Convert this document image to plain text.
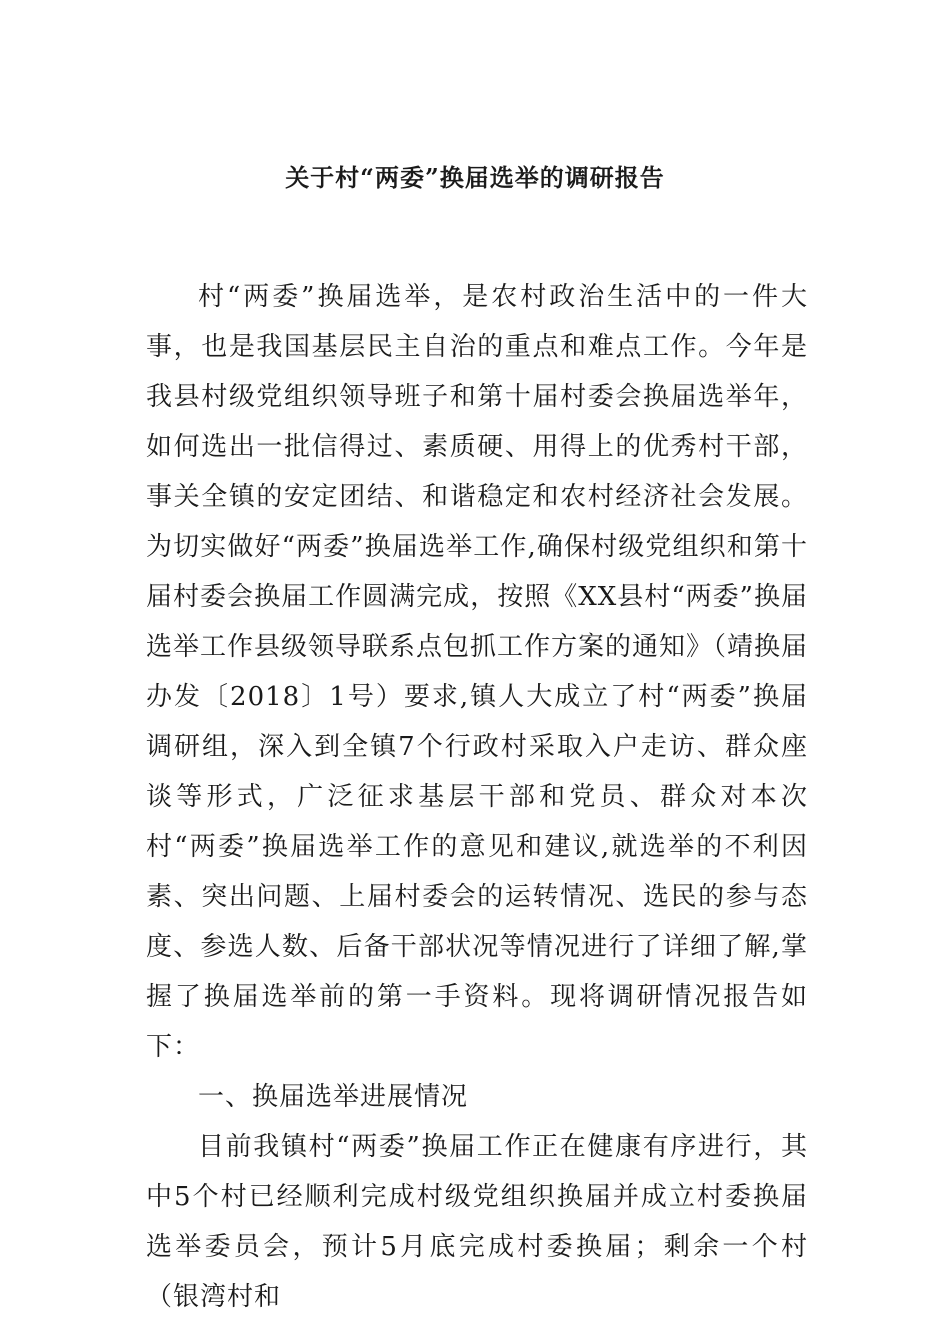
关于村“两委”换届选举的调研报告

村“两委”换届选举，是农村政治生活中的一件大事，也是我国基层民主自治的重点和难点工作。今年是我县村级党组织领导班子和第十届村委会换届选举年，如何选出一批信得过、素质硬、用得上的优秀村干部，事关全镇的安定团结、和谐稳定和农村经济社会发展。为切实做好“两委”换届选举工作,确保村级党组织和第十届村委会换届工作圆满完成，按照《XX县村“两委”换届选举工作县级领导联系点包抓工作方案的通知》（靖换届办发〔2018〕1号）要求,镇人大成立了村“两委”换届调研组，深入到全镇7个行政村采取入户走访、群众座谈等形式，广泛征求基层干部和党员、群众对本次村“两委”换届选举工作的意见和建议,就选举的不利因素、突出问题、上届村委会的运转情况、选民的参与态度、参选人数、后备干部状况等情况进行了详细了解,掌握了换届选举前的第一手资料。现将调研情况报告如下：

一、换届选举进展情况

目前我镇村“两委”换届工作正在健康有序进行，其中5个村已经顺利完成村级党组织换届并成立村委换届选举委员会，预计5月底完成村委换届；剩余一个村（银湾村和
